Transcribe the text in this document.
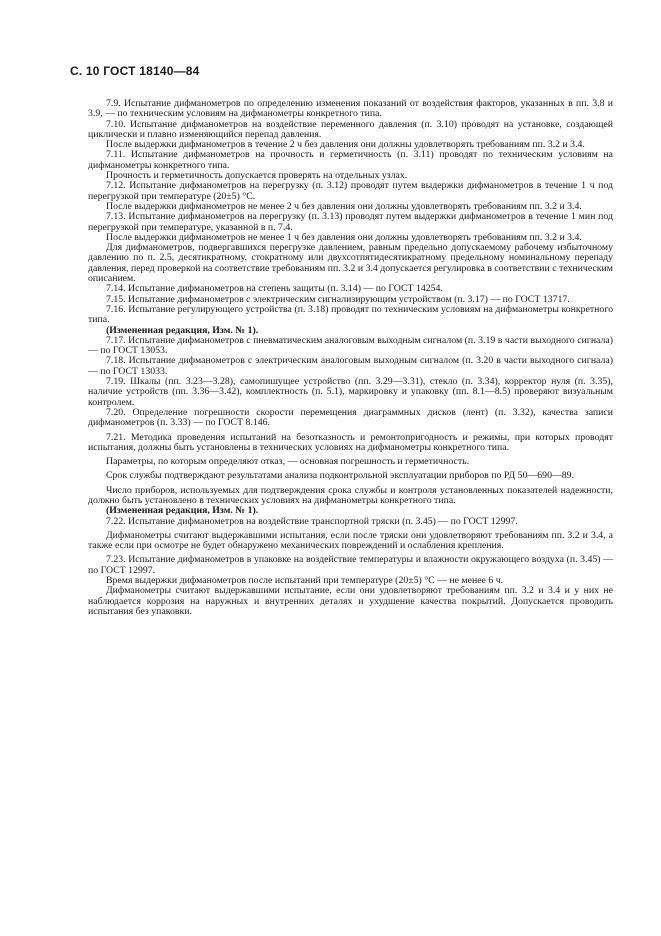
С. 10 ГОСТ 18140—84

7.9. Испытание дифманометров по определению изменения показаний от воздействия факторов, указанных в пп. 3.8 и 3.9, — по техническим условиям на дифманометры конкретного типа.

7.10. Испытание дифманометров на воздействие переменного давления (п. 3.10) проводят на установке, создающей циклически и плавно изменяющийся перепад давления.

После выдержки дифманометров в течение 2 ч без давления они должны удовлетворять требованиям пп. 3.2 и 3.4.

7.11. Испытание дифманометров на прочность и герметичность (п. 3.11) проводят по техническим условиям на дифманометры конкретного типа.

Прочность и герметичность допускается проверять на отдельных узлах.

7.12. Испытание дифманометров на перегрузку (п. 3.12) проводят путем выдержки дифманометров в течение 1 ч под перегрузкой при температуре (20±5) °С.

После выдержки дифманометров не менее 2 ч без давления они должны удовлетворять требованиям пп. 3.2 и 3.4.

7.13. Испытание дифманометров на перегрузку (п. 3.13) проводят путем выдержки дифманометров в течение 1 мин под перегрузкой при температуре, указанной в п. 7.4.

После выдержки дифманометров не менее 1 ч без давления они должны удовлетворять требованиям пп. 3.2 и 3.4.

Для дифманометров, подвергавшихся перегрузке давлением, равным предельно допускаемому рабочему избыточному давлению по п. 2.5, десятикратному, стократному или двухсотпятидесятикратному предельному номинальному перепаду давления, перед проверкой на соответствие требованиям пп. 3.2 и 3.4 допускается регулировка в соответствии с техническим описанием.

7.14. Испытание дифманометров на степень защиты (п. 3.14) — по ГОСТ 14254.

7.15. Испытание дифманометров с электрическим сигнализирующим устройством (п. 3.17) — по ГОСТ 13717.

7.16. Испытание регулирующего устройства (п. 3.18) проводят по техническим условиям на дифманометры конкретного типа.

(Измененная редакция, Изм. № 1).

7.17. Испытание дифманометров с пневматическим аналоговым выходным сигналом (п. 3.19 в части выходного сигнала) — по ГОСТ 13053.

7.18. Испытание дифманометров с электрическим аналоговым выходным сигналом (п. 3.20 в части выходного сигнала) — по ГОСТ 13033.

7.19. Шкалы (пп. 3.23—3.28), самопишущее устройство (пп. 3.29—3.31), стекло (п. 3.34), корректор нуля (п. 3.35), наличие устройств (пп. 3.36—3.42), комплектность (п. 5.1), маркировку и упаковку (пп. 8.1—8.5) проверяют визуальным контролем.

7.20. Определение погрешности скорости перемещения диаграммных дисков (лент) (п. 3.32), качества записи дифманометров (п. 3.33) — по ГОСТ 8.146.

7.21. Методика проведения испытаний на безотказность и ремонтопригодность и режимы, при которых проводят испытания, должны быть установлены в технических условиях на дифманометры конкретного типа.

Параметры, по которым определяют отказ, — основная погрешность и герметичность.

Срок службы подтверждают результатами анализа подконтрольной эксплуатации приборов по РД 50—690—89.

Число приборов, используемых для подтверждения срока службы и контроля установленных показателей надежности, должно быть установлено в технических условиях на дифманометры конкретного типа.

(Измененная редакция, Изм. № 1).

7.22. Испытание дифманометров на воздействие транспортной тряски (п. 3.45) — по ГОСТ 12997.

Дифманометры считают выдержавшими испытания, если после тряски они удовлетворяют требованиям пп. 3.2 и 3.4, а также если при осмотре не будет обнаружено механических повреждений и ослабления крепления.

7.23. Испытание дифманометров в упаковке на воздействие температуры и влажности окружающего воздуха (п. 3.45) — по ГОСТ 12997.

Время выдержки дифманометров после испытаний при температуре (20±5) °С — не менее 6 ч.

Дифманометры считают выдержавшими испытание, если они удовлетворяют требованиям пп. 3.2 и 3.4 и у них не наблюдается коррозия на наружных и внутренних деталях и ухудшение качества покрытий. Допускается проводить испытания без упаковки.
